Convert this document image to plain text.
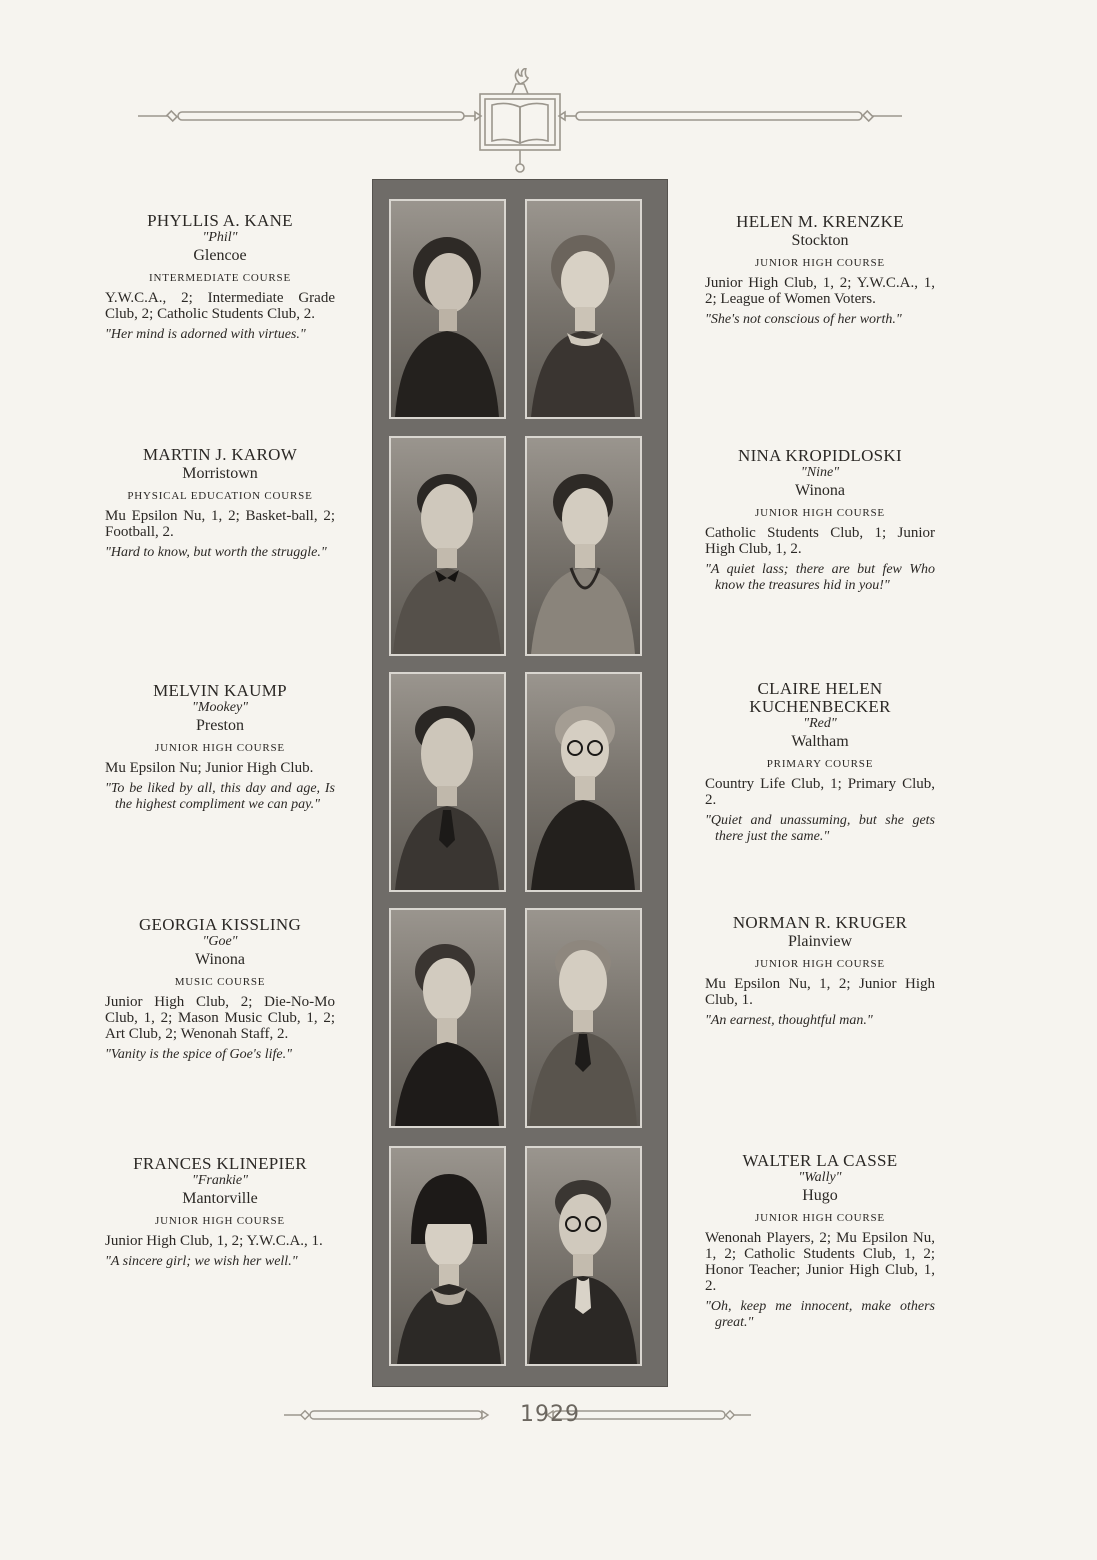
PHYLLIS A. KANE
"Phil"
Glencoe
INTERMEDIATE COURSE
Y.W.C.A., 2; Intermediate Grade Club, 2; Catholic Students Club, 2.
"Her mind is adorned with virtues."
MARTIN J. KAROW
Morristown
PHYSICAL EDUCATION COURSE
Mu Epsilon Nu, 1, 2; Basket-ball, 2; Football, 2.
"Hard to know, but worth the struggle."
MELVIN KAUMP
"Mookey"
Preston
JUNIOR HIGH COURSE
Mu Epsilon Nu; Junior High Club.
"To be liked by all, this day and age, Is the highest compliment we can pay."
GEORGIA KISSLING
"Goe"
Winona
MUSIC COURSE
Junior High Club, 2; Die-No-Mo Club, 1, 2; Mason Music Club, 1, 2; Art Club, 2; Wenonah Staff, 2.
"Vanity is the spice of Goe's life."
FRANCES KLINEPIER
"Frankie"
Mantorville
JUNIOR HIGH COURSE
Junior High Club, 1, 2; Y.W.C.A., 1.
"A sincere girl; we wish her well."
HELEN M. KRENZKE
Stockton
JUNIOR HIGH COURSE
Junior High Club, 1, 2; Y.W.C.A., 1, 2; League of Women Voters.
"She's not conscious of her worth."
NINA KROPIDLOSKI
"Nine"
Winona
JUNIOR HIGH COURSE
Catholic Students Club, 1; Junior High Club, 1, 2.
"A quiet lass; there are but few Who know the treasures hid in you!"
CLAIRE HELEN KUCHENBECKER
"Red"
Waltham
PRIMARY COURSE
Country Life Club, 1; Primary Club, 2.
"Quiet and unassuming, but she gets there just the same."
NORMAN R. KRUGER
Plainview
JUNIOR HIGH COURSE
Mu Epsilon Nu, 1, 2; Junior High Club, 1.
"An earnest, thoughtful man."
WALTER LA CASSE
"Wally"
Hugo
JUNIOR HIGH COURSE
Wenonah Players, 2; Mu Epsilon Nu, 1, 2; Catholic Students Club, 1, 2; Honor Teacher; Junior High Club, 1, 2.
"Oh, keep me innocent, make others great."
1929
